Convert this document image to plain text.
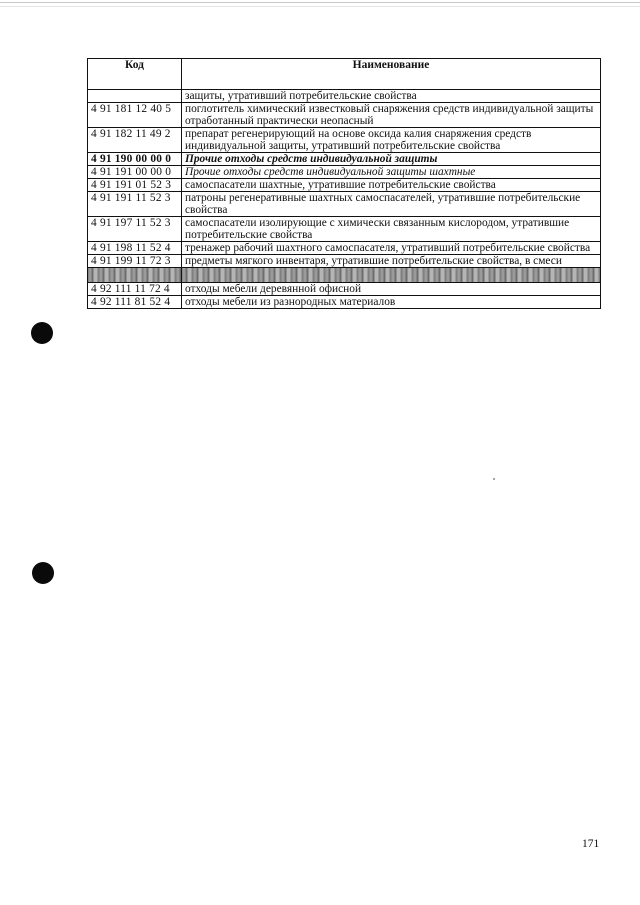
Код	Наименование
	защиты, утративший потребительские свойства
4 91 181 12 40 5	поглотитель химический известковый снаряжения средств индивидуальной защиты отработанный практически неопасный
4 91 182 11 49 2	препарат регенерирующий на основе оксида калия снаряжения средств индивидуальной защиты, утративший потребительские свойства
4 91 190 00 00 0	Прочие отходы средств индивидуальной защиты
4 91 191 00 00 0	Прочие отходы средств индивидуальной защиты шахтные
4 91 191 01 52 3	самоспасатели шахтные, утратившие потребительские свойства
4 91 191 11 52 3	патроны регенеративные шахтных самоспасателей, утратившие потребительские свойства
4 91 197 11 52 3	самоспасатели изолирующие с химически связанным кислородом, утратившие потребительские свойства
4 91 198 11 52 4	тренажер рабочий шахтного самоспасателя, утративший потребительские свойства
4 91 199 11 72 3	предметы мягкого инвентаря, утратившие потребительские свойства, в смеси

4 92 111 11 72 4	отходы мебели деревянной офисной
4 92 111 81 52 4	отходы мебели из разнородных материалов
171
